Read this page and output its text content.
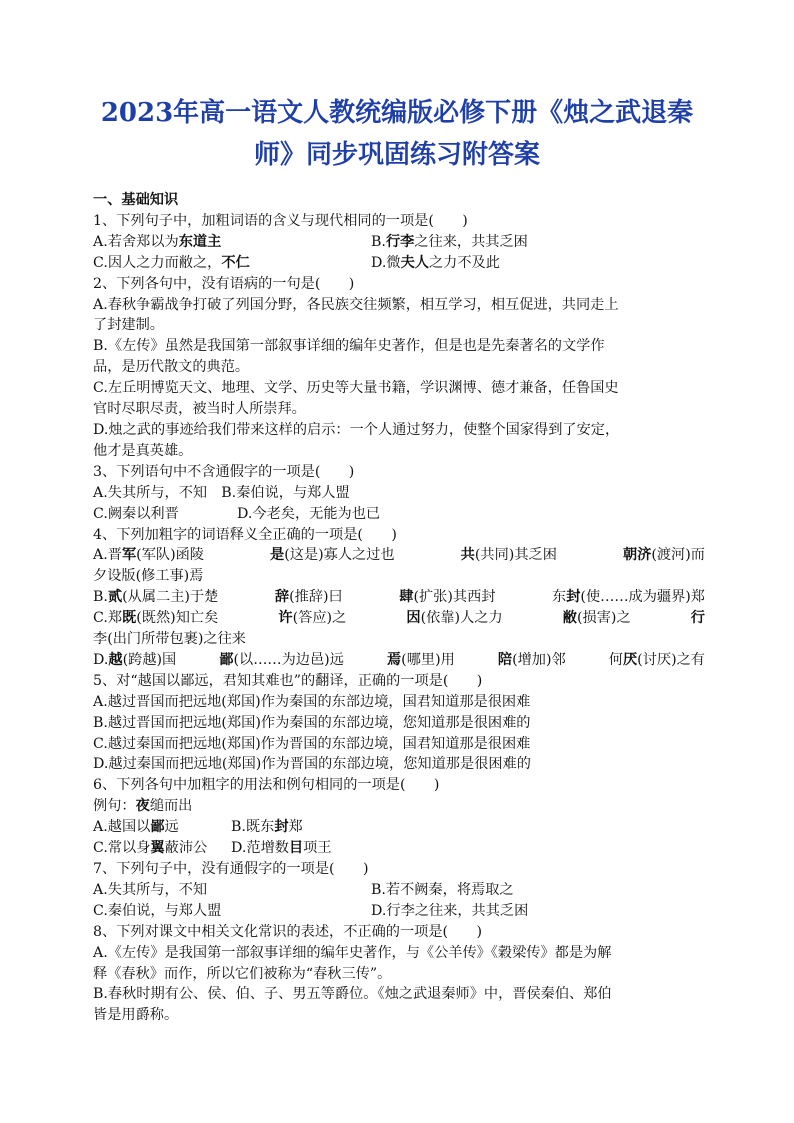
2023年高一语文人教统编版必修下册《烛之武退秦
师》同步巩固练习附答案
一、基础知识
1、下列句子中，加粗词语的含义与现代相同的一项是(　　)
A.若舍郑以为东道主	B.行李之往来，共其乏困
C.因人之力而敝之，不仁	D.微夫人之力不及此
2、下列各句中，没有语病的一句是(　　)
A.春秋争霸战争打破了列国分野，各民族交往频繁，相互学习，相互促进，共同走上
了封建制。
B.《左传》虽然是我国第一部叙事详细的编年史著作，但是也是先秦著名的文学作
品，是历代散文的典范。
C.左丘明博览天文、地理、文学、历史等大量书籍，学识渊博、德才兼备，任鲁国史
官时尽职尽责，被当时人所崇拜。
D.烛之武的事迹给我们带来这样的启示：一个人通过努力，使整个国家得到了安定，
他才是真英雄。
3、下列语句中不含通假字的一项是(　　)
A.失其所与，不知　B.秦伯说，与郑人盟
C.阙秦以利晋	D.今老矣，无能为也已
4、下列加粗字的词语释义全正确的一项是(　　)
A.晋军(军队)函陵	是(这是)寡人之过也	共(共同)其乏困	朝济(渡河)而
夕设版(修工事)焉
B.贰(从属二主)于楚	辞(推辞)曰	肆(扩张)其西封	东封(使……成为疆界)郑
C.郑既(既然)知亡矣	许(答应)之	因(依靠)人之力	敝(损害)之	行
李(出门所带包裹)之往来
D.越(跨越)国	鄙(以……为边邑)远	焉(哪里)用	陪(增加)邻	何厌(讨厌)之有
5、对“越国以鄙远，君知其难也”的翻译，正确的一项是(　　)
A.越过晋国而把远地(郑国)作为秦国的东部边境，国君知道那是很困难
B.越过晋国而把远地(郑国)作为秦国的东部边境，您知道那是很困难的
C.越过秦国而把远地(郑国)作为晋国的东部边境，国君知道那是很困难
D.越过秦国而把远地(郑国)作为晋国的东部边境，您知道那是很困难的
6、下列各句中加粗字的用法和例句相同的一项是(　　)
例句：夜缒而出
A.越国以鄙远	B.既东封郑
C.常以身翼蔽沛公	D.范增数目项王
7、下列句子中，没有通假字的一项是(　　)
A.失其所与，不知	B.若不阙秦，将焉取之
C.秦伯说，与郑人盟	D.行李之往来，共其乏困
8、下列对课文中相关文化常识的表述，不正确的一项是(　　)
A.《左传》是我国第一部叙事详细的编年史著作，与《公羊传》《穀梁传》都是为解
释《春秋》而作，所以它们被称为“春秋三传”。
B.春秋时期有公、侯、伯、子、男五等爵位。《烛之武退秦师》中，晋侯秦伯、郑伯
皆是用爵称。
